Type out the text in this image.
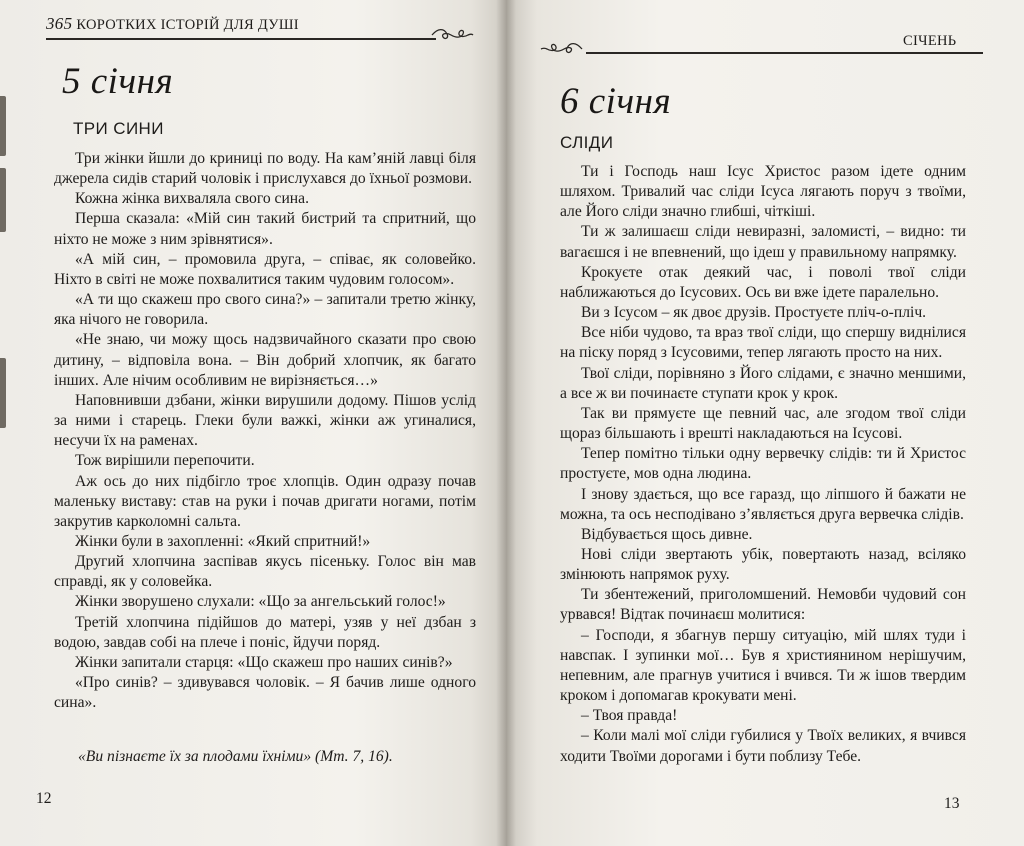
365 КОРОТКИХ ІСТОРІЙ ДЛЯ ДУШІ
5 січня
ТРИ СИНИ

Три жінки йшли до криниці по воду. На кам’яній лавці біля джерела сидів старий чоловік і прислухався до їхньої розмови.

Кожна жінка вихваляла свого сина.

Перша сказала: «Мій син такий бистрий та спритний, що ніхто не може з ним зрівнятися».

«А мій син, – промовила друга, – співає, як соловейко. Ніхто в світі не може похвалитися таким чудовим голосом».

«А ти що скажеш про свого сина?» – запитали третю жінку, яка нічого не говорила.

«Не знаю, чи можу щось надзвичайного сказати про свою дитину, – відповіла вона. – Він добрий хлопчик, як багато інших. Але нічим особливим не вирізняється…»

Наповнивши дзбани, жінки вирушили додому. Пішов услід за ними і старець. Глеки були важкі, жінки аж угиналися, несучи їх на раменах.

Тож вирішили перепочити.

Аж ось до них підбігло троє хлопців. Один одразу почав маленьку виставу: став на руки і почав дригати ногами, потім закрутив карколомні сальта.

Жінки були в захопленні: «Який спритний!»

Другий хлопчина заспівав якусь пісеньку. Голос він мав справді, як у соловейка.

Жінки зворушено слухали: «Що за ангельський голос!»

Третій хлопчина підійшов до матері, узяв у неї дзбан з водою, завдав собі на плече і поніс, йдучи поряд.

Жінки запитали старця: «Що скажеш про наших синів?»

«Про синів? – здивувався чоловік. – Я бачив лише одного сина».

«Ви пізнаєте їх за плодами їхніми» (Мт. 7, 16).
12
СІЧЕНЬ
6 січня
СЛІДИ

Ти і Господь наш Ісус Христос разом ідете одним шляхом. Тривалий час сліди Ісуса лягають поруч з твоїми, але Його сліди значно глибші, чіткіші.

Ти ж залишаєш сліди невиразні, заломисті, – видно: ти вагаєшся і не впевнений, що ідеш у правильному напрямку.

Крокуєте отак деякий час, і поволі твої сліди наближаються до Ісусових. Ось ви вже ідете паралельно.

Ви з Ісусом – як двоє друзів. Простуєте пліч-о-пліч.

Все ніби чудово, та враз твої сліди, що спершу виднілися на піску поряд з Ісусовими, тепер лягають просто на них.

Твої сліди, порівняно з Його слідами, є значно меншими, а все ж ви починаєте ступати крок у крок.

Так ви прямуєте ще певний час, але згодом твої сліди щораз більшають і врешті накладаються на Ісусові.

Тепер помітно тільки одну вервечку слідів: ти й Христос простуєте, мов одна людина.

І знову здається, що все гаразд, що ліпшого й бажати не можна, та ось несподівано з’являється друга вервечка слідів.

Відбувається щось дивне.

Нові сліди звертають убік, повертають назад, всіляко змінюють напрямок руху.

Ти збентежений, приголомшений. Немовби чудовий сон урвався! Відтак починаєш молитися:

– Господи, я збагнув першу ситуацію, мій шлях туди і навспак. І зупинки мої… Був я християнином нерішучим, непевним, але прагнув учитися і вчився. Ти ж ішов твердим кроком і допомагав крокувати мені.

– Твоя правда!

– Коли малі мої сліди губилися у Твоїх великих, я вчився ходити Твоїми дорогами і бути поблизу Тебе.

13
